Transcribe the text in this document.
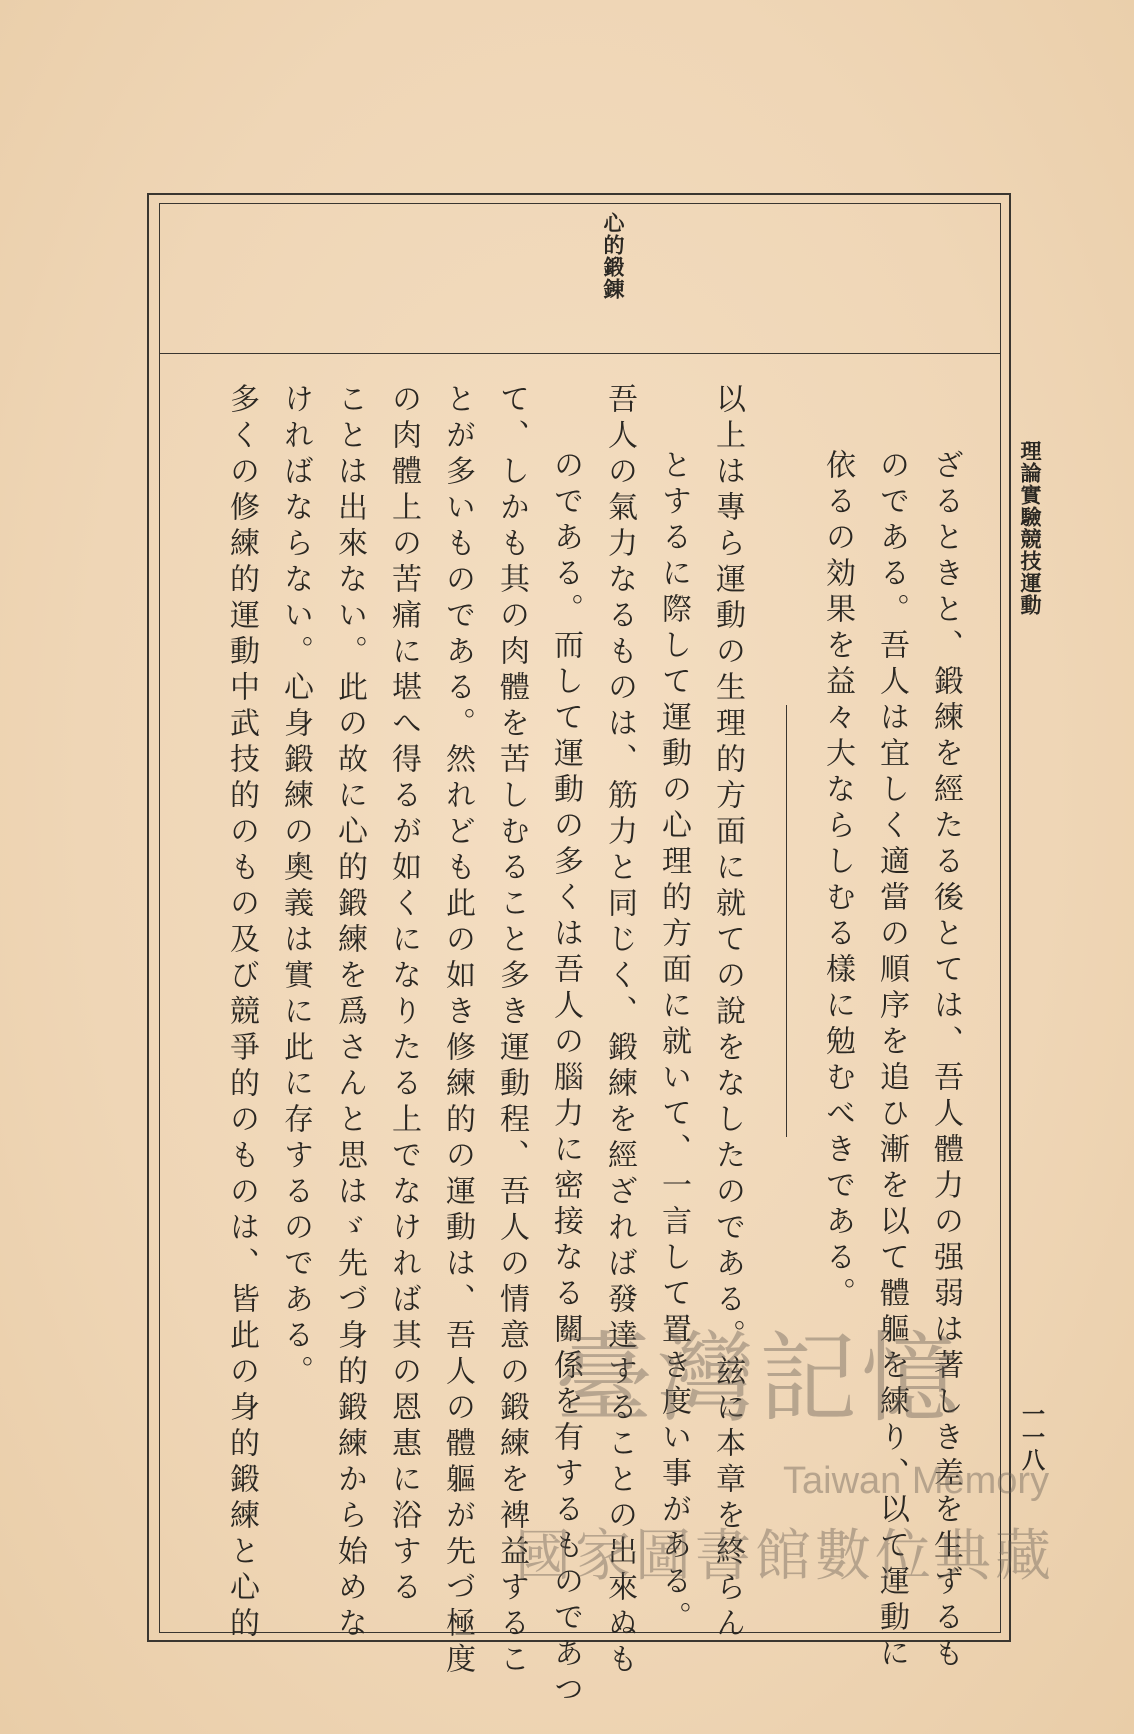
理論實驗競技運動

一一八

心的鍛錬

ざるときと、鍛練を經たる後とては、吾人體力の强弱は著しき差を生ずるも

のである。吾人は宜しく適當の順序を追ひ漸を以て體軀を練り、以て運動に

依るの効果を益々大ならしむる樣に勉むべきである。

以上は專ら運動の生理的方面に就ての說をなしたのである。玆に本章を終らん

とするに際して運動の心理的方面に就いて、一言して置き度い事がある。

吾人の氣力なるものは、筋力と同じく、鍛練を經ざれば發達することの出來ぬも

のである。而して運動の多くは吾人の腦力に密接なる關係を有するものであつ

て、しかも其の肉體を苦しむること多き運動程、吾人の情意の鍛練を裨益するこ

とが多いものである。然れども此の如き修練的の運動は、吾人の體軀が先づ極度

の肉體上の苦痛に堪へ得るが如くになりたる上でなければ其の恩惠に浴する

ことは出來ない。此の故に心的鍛練を爲さんと思はゞ先づ身的鍛練から始めな

ければならない。心身鍛練の奧義は實に此に存するのである。

多くの修練的運動中武技的のもの及び競爭的のものは、皆此の身的鍛練と心的	臺灣記憶
Taiwan Memory
國家圖書館數位典藏
